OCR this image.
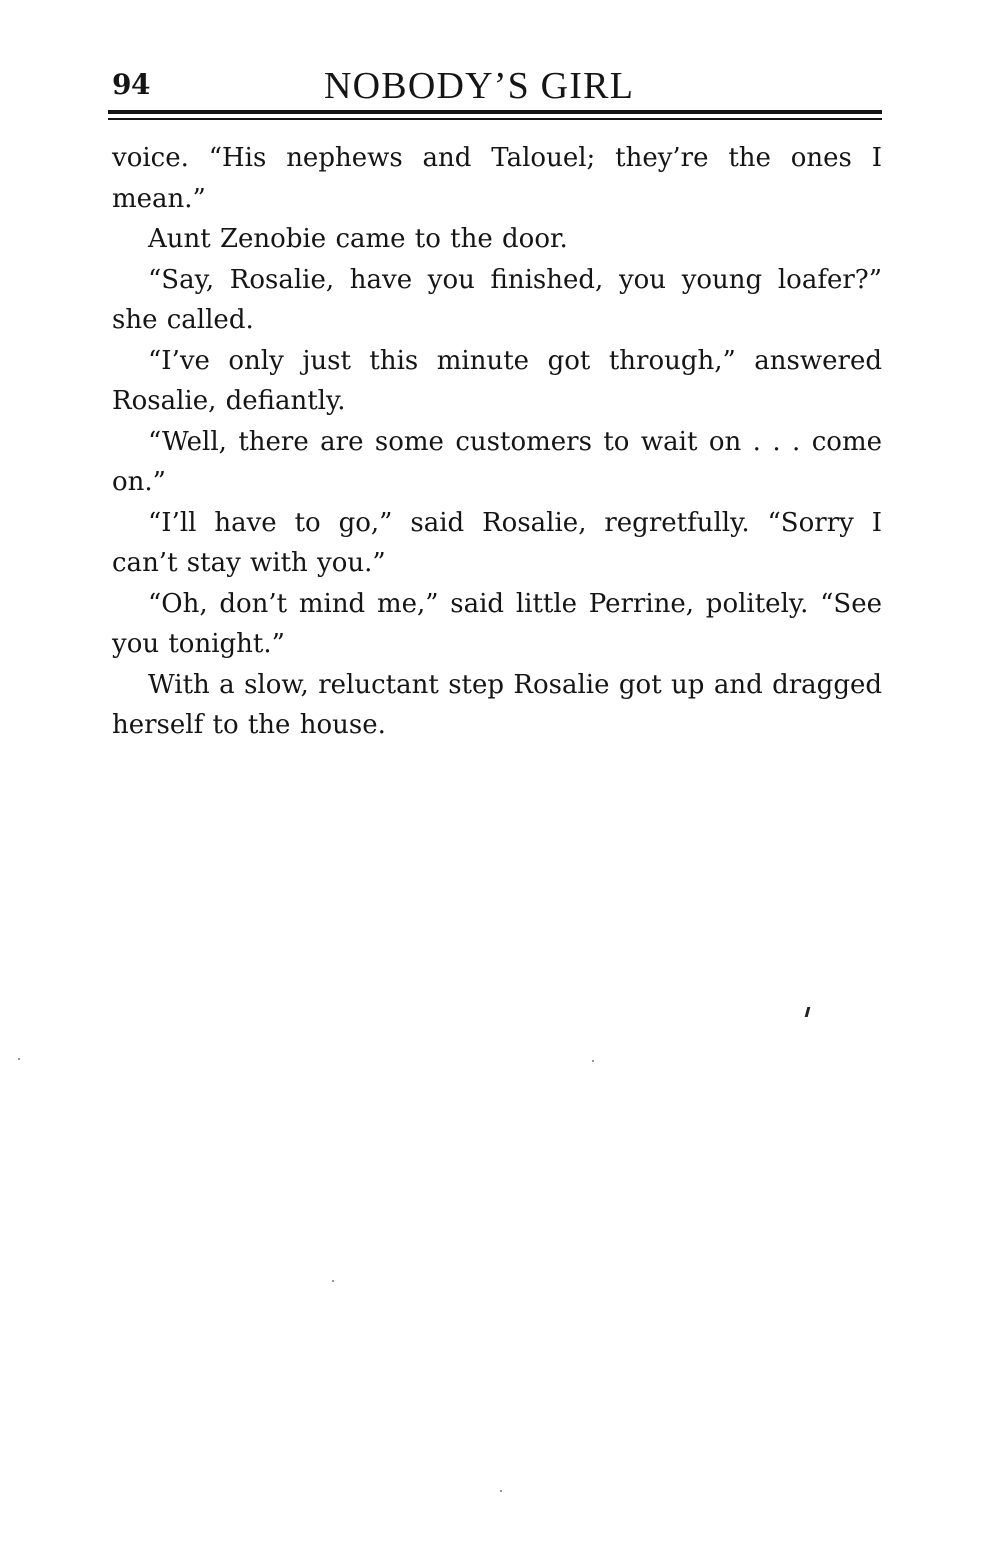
94	NOBODY’S GIRL

voice. “His nephews and Talouel; they’re the ones I mean.”

Aunt Zenobie came to the door.

“Say, Rosalie, have you finished, you young loafer?” she called.

“I’ve only just this minute got through,” answered Rosalie, defiantly.

“Well, there are some customers to wait on . . . come on.”

“I’ll have to go,” said Rosalie, regretfully. “Sorry I can’t stay with you.”

“Oh, don’t mind me,” said little Perrine, politely. “See you tonight.”

With a slow, reluctant step Rosalie got up and dragged herself to the house.
